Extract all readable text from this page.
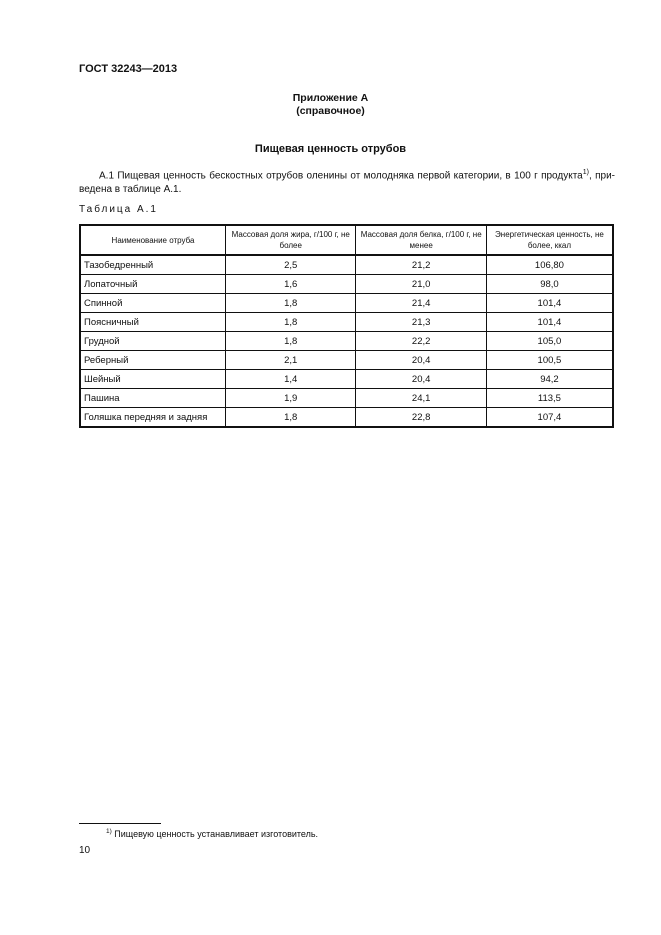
ГОСТ 32243—2013
Приложение А
(справочное)
Пищевая ценность отрубов
А.1 Пищевая ценность бескостных отрубов оленины от молодняка первой категории, в 100 г продукта$^{1)}$, при-ведена в таблице А.1.
Таблица А.1
Наименование отруба	Массовая доля жира, г/100 г, не более	Массовая доля белка, г/100 г, не менее	Энергетическая ценность, не более, ккал
Тазобедренный	2,5	21,2	106,80
Лопаточный	1,6	21,0	98,0
Спинной	1,8	21,4	101,4
Поясничный	1,8	21,3	101,4
Грудной	1,8	22,2	105,0
Реберный	2,1	20,4	100,5
Шейный	1,4	20,4	94,2
Пашина	1,9	24,1	113,5
Голяшка передняя и задняя	1,8	22,8	107,4
$^{1)}$ Пищевую ценность устанавливает изготовитель.
10
